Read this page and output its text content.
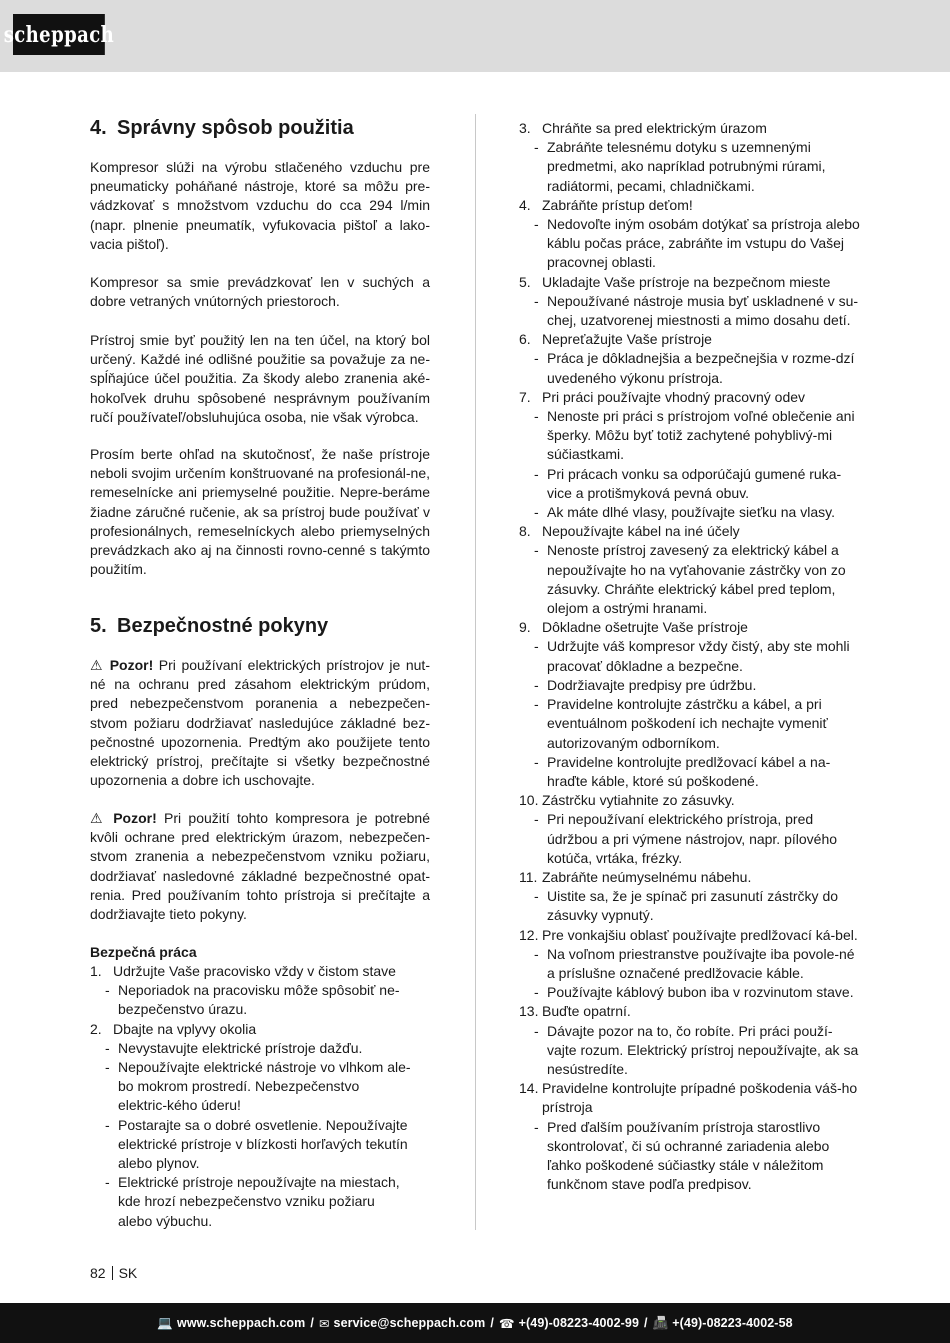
scheppach
4. Správny spôsob použitia

Kompresor slúži na výrobu stlačeného vzduchu pre pneumaticky poháňané nástroje, ktoré sa môžu pre-vádzkovať s množstvom vzduchu do cca 294 l/min (napr. plnenie pneumatík, vyfukovacia pištoľ a lako-vacia pištoľ).

Kompresor sa smie prevádzkovať len v suchých a dobre vetraných vnútorných priestoroch.

Prístroj smie byť použitý len na ten účel, na ktorý bol určený. Každé iné odlišné použitie sa považuje za ne-spĺňajúce účel použitia. Za škody alebo zranenia aké-hokoľvek druhu spôsobené nesprávnym používaním ručí používateľ/obsluhujúca osoba, nie však výrobca.

Prosím berte ohľad na skutočnosť, že naše prístroje neboli svojim určením konštruované na profesionál-ne, remeselnícke ani priemyselné použitie. Nepre-beráme žiadne záručné ručenie, ak sa prístroj bude používať v profesionálnych, remeselníckych alebo priemyselných prevádzkach ako aj na činnosti rovno-cenné s takýmto použitím.

5. Bezpečnostné pokyny

⚠ Pozor! Pri používaní elektrických prístrojov je nut-né na ochranu pred zásahom elektrickým prúdom, pred nebezpečenstvom poranenia a nebezpečen-stvom požiaru dodržiavať nasledujúce základné bez-pečnostné upozornenia. Predtým ako použijete tento elektrický prístroj, prečítajte si všetky bezpečnostné upozornenia a dobre ich uschovajte.

⚠ Pozor! Pri použití tohto kompresora je potrebné kvôli ochrane pred elektrickým úrazom, nebezpečen-stvom zranenia a nebezpečenstvom vzniku požiaru, dodržiavať nasledovné základné bezpečnostné opat-renia. Pred používaním tohto prístroja si prečítajte a dodržiavajte tieto pokyny.

Bezpečná práca

1. Udržujte Vaše pracovisko vždy v čistom stave
- Neporiadok na pracovisku môže spôsobiť ne-bezpečenstvo úrazu.
2. Dbajte na vplyvy okolia
- Nevystavujte elektrické prístroje dažďu.
- Nepoužívajte elektrické nástroje vo vlhkom ale-bo mokrom prostredí. Nebezpečenstvo elektric-kého úderu!
- Postarajte sa o dobré osvetlenie. Nepoužívajte elektrické prístroje v blízkosti horľavých tekutín alebo plynov.
- Elektrické prístroje nepoužívajte na miestach, kde hrozí nebezpečenstvo vzniku požiaru alebo výbuchu.
3. Chráňte sa pred elektrickým úrazom
- Zabráňte telesnému dotyku s uzemnenými predmetmi, ako napríklad potrubnými rúrami, radiátormi, pecami, chladničkami.
4. Zabráňte prístup deťom!
- Nedovoľte iným osobám dotýkať sa prístroja alebo káblu počas práce, zabráňte im vstupu do Vašej pracovnej oblasti.
5. Ukladajte Vaše prístroje na bezpečnom mieste
- Nepoužívané nástroje musia byť uskladnené v su-chej, uzatvorenej miestnosti a mimo dosahu detí.
6. Nepreťažujte Vaše prístroje
- Práca je dôkladnejšia a bezpečnejšia v rozme-dzí uvedeného výkonu prístroja.
7. Pri práci používajte vhodný pracovný odev
- Nenoste pri práci s prístrojom voľné oblečenie ani šperky. Môžu byť totiž zachytené pohyblivý-mi súčiastkami.
- Pri prácach vonku sa odporúčajú gumené ruka-vice a protišmyková pevná obuv.
- Ak máte dlhé vlasy, používajte sieťku na vlasy.
8. Nepoužívajte kábel na iné účely
- Nenoste prístroj zavesený za elektrický kábel a nepoužívajte ho na vyťahovanie zástrčky von zo zásuvky. Chráňte elektrický kábel pred teplom, olejom a ostrými hranami.
9. Dôkladne ošetrujte Vaše prístroje
- Udržujte váš kompresor vždy čistý, aby ste mohli pracovať dôkladne a bezpečne.
- Dodržiavajte predpisy pre údržbu.
- Pravidelne kontrolujte zástrčku a kábel, a pri eventuálnom poškodení ich nechajte vymeniť autorizovaným odborníkom.
- Pravidelne kontrolujte predlžovací kábel a na-hraďte káble, ktoré sú poškodené.
10. Zástrčku vytiahnite zo zásuvky.
- Pri nepoužívaní elektrického prístroja, pred údržbou a pri výmene nástrojov, napr. pílového kotúča, vrtáka, frézky.
11. Zabráňte neúmyselnému nábehu.
- Uistite sa, že je spínač pri zasunutí zástrčky do zásuvky vypnutý.
12. Pre vonkajšiu oblasť používajte predlžovací ká-bel.
- Na voľnom priestranstve používajte iba povole-né a príslušne označené predlžovacie káble.
- Používajte káblový bubon iba v rozvinutom stave.
13. Buďte opatrní.
- Dávajte pozor na to, čo robíte. Pri práci použí-vajte rozum. Elektrický prístroj nepoužívajte, ak sa nesústredíte.
14. Pravidelne kontrolujte prípadné poškodenia váš-ho prístroja
- Pred ďalším používaním prístroja starostlivo skontrolovať, či sú ochranné zariadenia alebo ľahko poškodené súčiastky stále v náležitom funkčnom stave podľa predpisov.
82 SK
💻 www.scheppach.com / ✉ service@scheppach.com / ☎ +(49)-08223-4002-99 / 📠 +(49)-08223-4002-58
